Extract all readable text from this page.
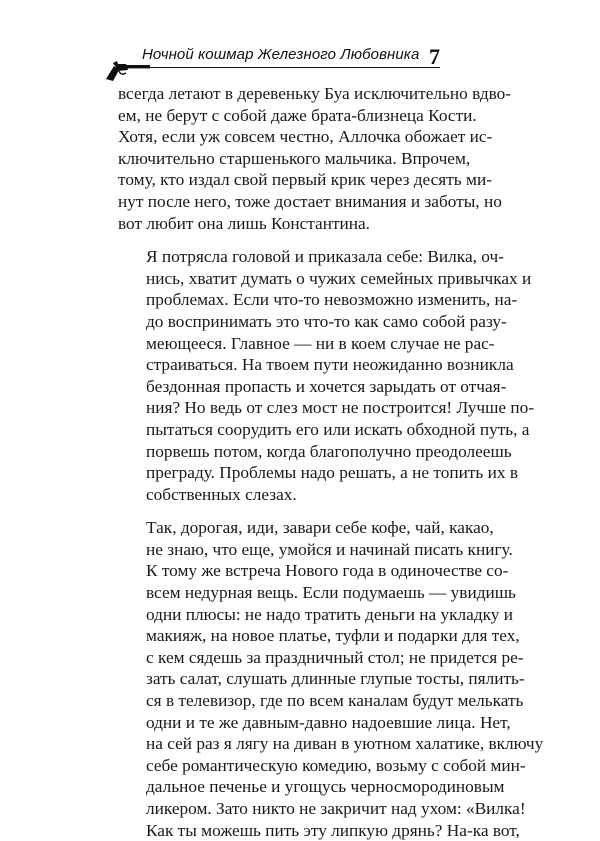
Ночной кошмар Железного Любовника 7

всегда летают в деревеньку Буа исключительно вдво-
ем, не берут с собой даже брата-близнеца Кости.
Хотя, если уж совсем честно, Аллочка обожает ис-
ключительно старшенького мальчика. Впрочем,
тому, кто издал свой первый крик через десять ми-
нут после него, тоже достает внимания и заботы, но
вот любит она лишь Константина.

Я потрясла головой и приказала себе: Вилка, оч-
нись, хватит думать о чужих семейных привычках и
проблемах. Если что-то невозможно изменить, на-
до воспринимать это что-то как само собой разу-
меющееся. Главное — ни в коем случае не рас-
страиваться. На твоем пути неожиданно возникла
бездонная пропасть и хочется зарыдать от отчая-
ния? Но ведь от слез мост не построится! Лучше по-
пытаться соорудить его или искать обходной путь, а
порвешь потом, когда благополучно преодолеешь
преграду. Проблемы надо решать, а не топить их в
собственных слезах.

Так, дорогая, иди, завари себе кофе, чай, какао,
не знаю, что еще, умойся и начинай писать книгу.
К тому же встреча Нового года в одиночестве со-
всем недурная вещь. Если подумаешь — увидишь
одни плюсы: не надо тратить деньги на укладку и
макияж, на новое платье, туфли и подарки для тех,
с кем сядешь за праздничный стол; не придется ре-
зать салат, слушать длинные глупые тосты, пялить-
ся в телевизор, где по всем каналам будут мелькать
одни и те же давным-давно надоевшие лица. Нет,
на сей раз я лягу на диван в уютном халатике, включу
себе романтическую комедию, возьму с собой мин-
дальное печенье и угощусь черносмородиновым
ликером. Зато никто не закричит над ухом: «Вилка!
Как ты можешь пить эту липкую дрянь? На-ка вот,
